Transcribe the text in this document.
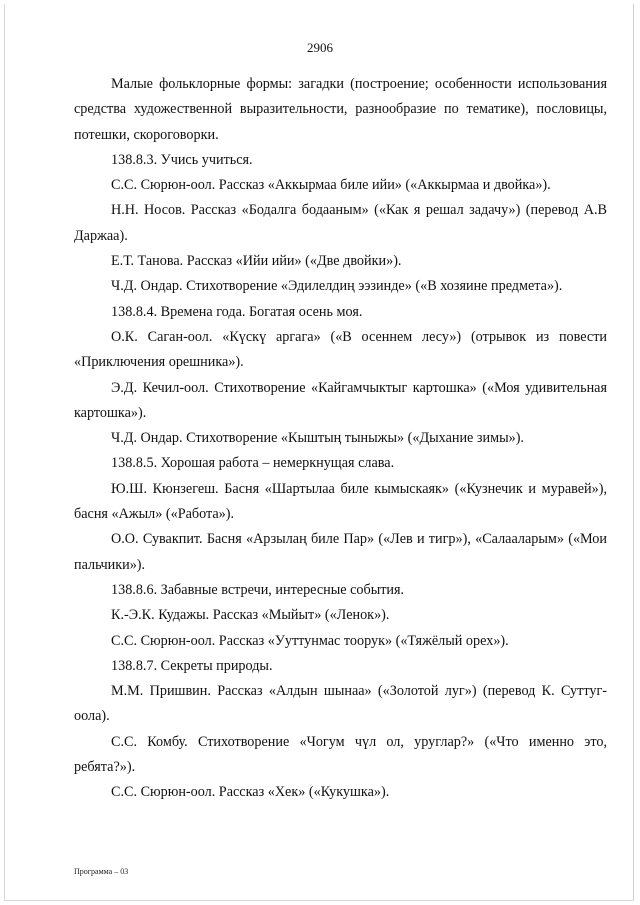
2906

Малые фольклорные формы: загадки (построение; особенности использования средства художественной выразительности, разнообразие по тематике), пословицы, потешки, скороговорки.

138.8.3. Учись учиться.

С.С. Сюрюн-оол. Рассказ «Аккырмаа биле ийи» («Аккырмаа и двойка»).

Н.Н. Носов. Рассказ «Бодалга бодааным» («Как я решал задачу») (перевод А.В Даржаа).

Е.Т. Танова. Рассказ «Ийи ийи» («Две двойки»).

Ч.Д. Ондар. Стихотворение «Эдилелдиң ээзинде» («В хозяине предмета»).

138.8.4. Времена года. Богатая осень моя.

О.К. Саган-оол. «Күскү аргага» («В осеннем лесу») (отрывок из повести «Приключения орешника»).

Э.Д. Кечил-оол. Стихотворение «Кайгамчыктыг картошка» («Моя удивительная картошка»).

Ч.Д. Ондар. Стихотворение «Кыштың тыныжы» («Дыхание зимы»).

138.8.5. Хорошая работа – немеркнущая слава.

Ю.Ш. Кюнзегеш. Басня «Шартылаа биле кымыскаяк» («Кузнечик и муравей»), басня «Ажыл» («Работа»).

О.О. Сувакпит. Басня «Арзылаң биле Пар» («Лев и тигр»), «Салааларым» («Мои пальчики»).

138.8.6. Забавные встречи, интересные события.

К.-Э.К. Кудажы. Рассказ «Мыйыт» («Ленок»).

С.С. Сюрюн-оол. Рассказ «Ууттунмас тоорук» («Тяжёлый орех»).

138.8.7. Секреты природы.

М.М. Пришвин. Рассказ «Алдын шынаа» («Золотой луг») (перевод К. Суттуг-оола).

С.С. Комбу. Стихотворение «Чогум чүл ол, уруглар?» («Что именно это, ребята?»).

С.С. Сюрюн-оол. Рассказ «Хек» («Кукушка»).

Программа – 03
